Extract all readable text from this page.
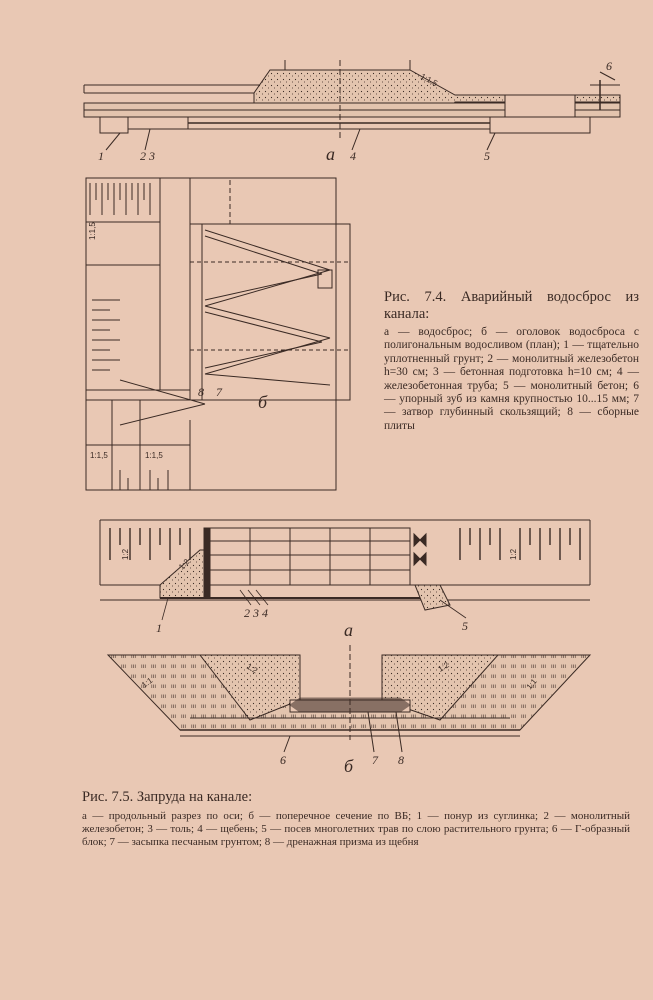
1	2 3	4	5
6
1:1,5
а
1:1,5
1:1,5	1:1,5
8 7 б
1:2
1:2
1:2
1
2 3 4
5
а
1:1
1:2	1:2
1:1
6	7 8
б
Рис. 7.4. Аварийный водосброс из канала:
а — водосброс; б — оголовок водосброса с полигональным водосливом (план); 1 — тщательно уплотненный грунт; 2 — монолитный железобетон h=30 см; 3 — бетонная подготовка h=10 см; 4 — железобетонная труба; 5 — монолитный бетон; 6 — упорный зуб из камня крупностью 10...15 мм; 7 — затвор глубинный скользящий; 8 — сборные плиты
Рис. 7.5. Запруда на канале:
а — продольный разрез по оси; б — поперечное сечение по ВБ; 1 — понур из суглинка; 2 — монолитный железобетон; 3 — толь; 4 — щебень; 5 — посев многолетних трав по слою растительного грунта; 6 — Г-образный блок; 7 — засыпка песчаным грунтом; 8 — дренажная призма из щебня
